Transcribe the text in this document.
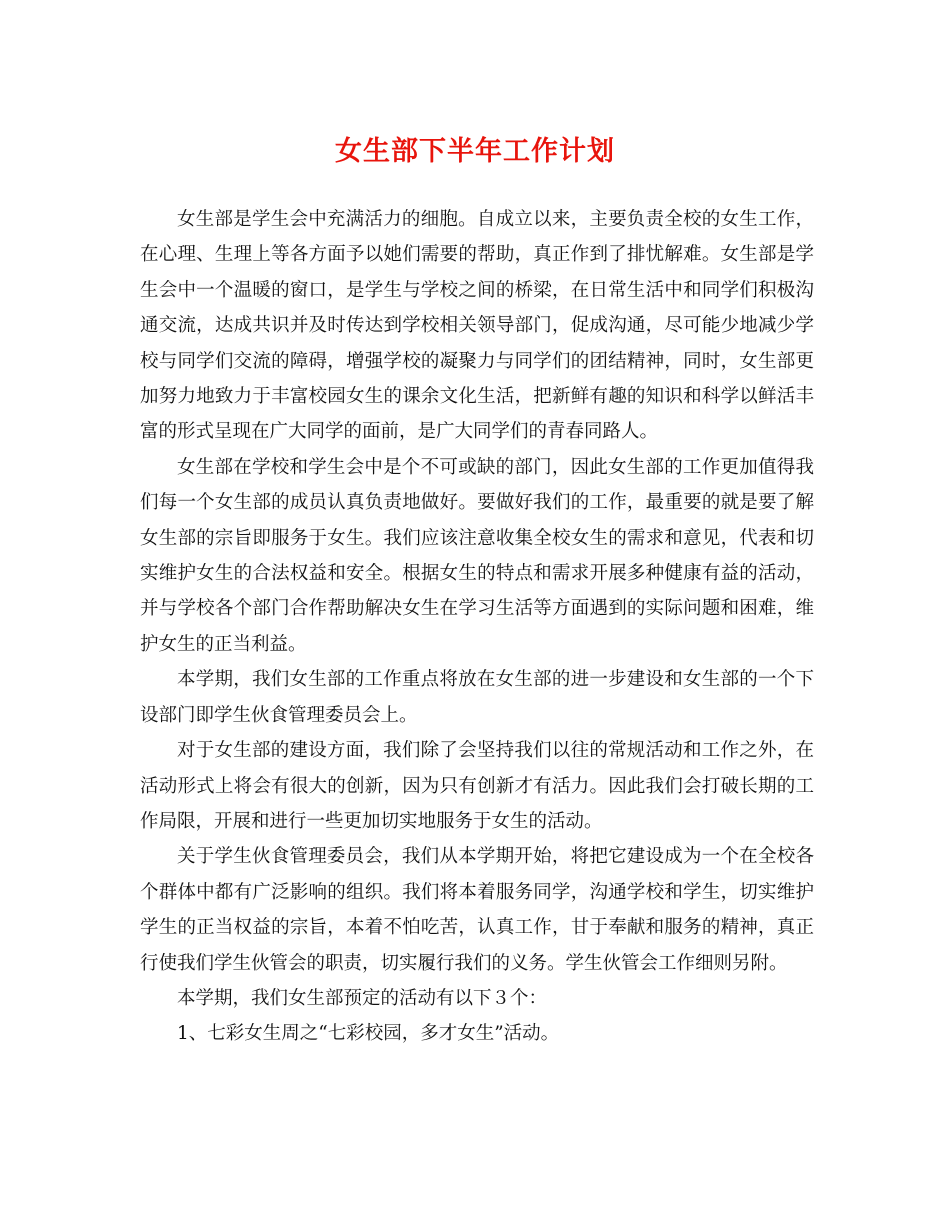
女生部下半年工作计划

女生部是学生会中充满活力的细胞。自成立以来，主要负责全校的女生工作，在心理、生理上等各方面予以她们需要的帮助，真正作到了排忧解难。女生部是学生会中一个温暖的窗口，是学生与学校之间的桥梁，在日常生活中和同学们积极沟通交流，达成共识并及时传达到学校相关领导部门，促成沟通，尽可能少地减少学校与同学们交流的障碍，增强学校的凝聚力与同学们的团结精神，同时，女生部更加努力地致力于丰富校园女生的课余文化生活，把新鲜有趣的知识和科学以鲜活丰富的形式呈现在广大同学的面前，是广大同学们的青春同路人。

女生部在学校和学生会中是个不可或缺的部门，因此女生部的工作更加值得我们每一个女生部的成员认真负责地做好。要做好我们的工作，最重要的就是要了解女生部的宗旨即服务于女生。我们应该注意收集全校女生的需求和意见，代表和切实维护女生的合法权益和安全。根据女生的特点和需求开展多种健康有益的活动，并与学校各个部门合作帮助解决女生在学习生活等方面遇到的实际问题和困难，维护女生的正当利益。

本学期，我们女生部的工作重点将放在女生部的进一步建设和女生部的一个下设部门即学生伙食管理委员会上。

对于女生部的建设方面，我们除了会坚持我们以往的常规活动和工作之外，在活动形式上将会有很大的创新，因为只有创新才有活力。因此我们会打破长期的工作局限，开展和进行一些更加切实地服务于女生的活动。

关于学生伙食管理委员会，我们从本学期开始，将把它建设成为一个在全校各个群体中都有广泛影响的组织。我们将本着服务同学，沟通学校和学生，切实维护学生的正当权益的宗旨，本着不怕吃苦，认真工作，甘于奉献和服务的精神，真正行使我们学生伙管会的职责，切实履行我们的义务。学生伙管会工作细则另附。

本学期，我们女生部预定的活动有以下３个：

1、七彩女生周之“七彩校园，多才女生”活动。
